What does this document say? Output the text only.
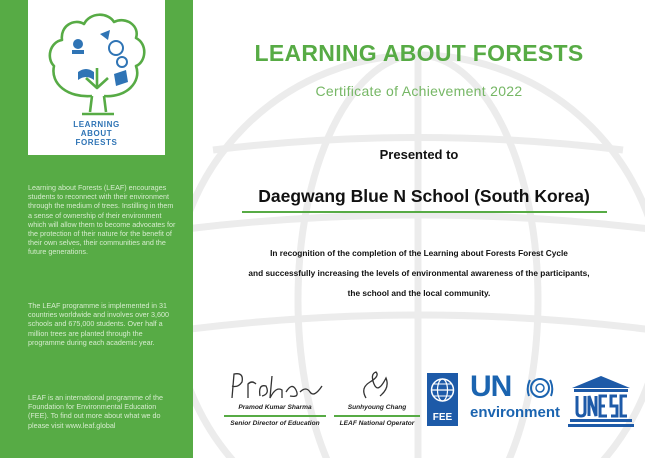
LEARNING
ABOUT
FORESTS

Learning about Forests (LEAF) encourages students to reconnect with their environment through the medium of trees. Instilling in them a sense of ownership of their environment which will allow them to become advocates for the protection of their nature for the benefit of their own selves, their communities and the future generations.

The LEAF programme is implemented in 31 countries worldwide and involves over 3,600 schools and 675,000 students. Over half a million trees are planted through the programme during each academic year.

LEAF is an international programme of the Foundation for Environmental Education (FEE). To find out more about what we do please visit www.leaf.global

LEARNING ABOUT FORESTS
Certificate of Achievement 2022
Presented to
Daegwang Blue N School (South Korea)
In recognition of the completion of the Learning about Forests Forest Cycle
and successfully increasing the levels of environmental awareness of the participants,
the school and the local community.
Pramod Kumar Sharma
Senior Director of Education
Sunhyoung Chang
LEAF National Operator
FEE
UN
environment
